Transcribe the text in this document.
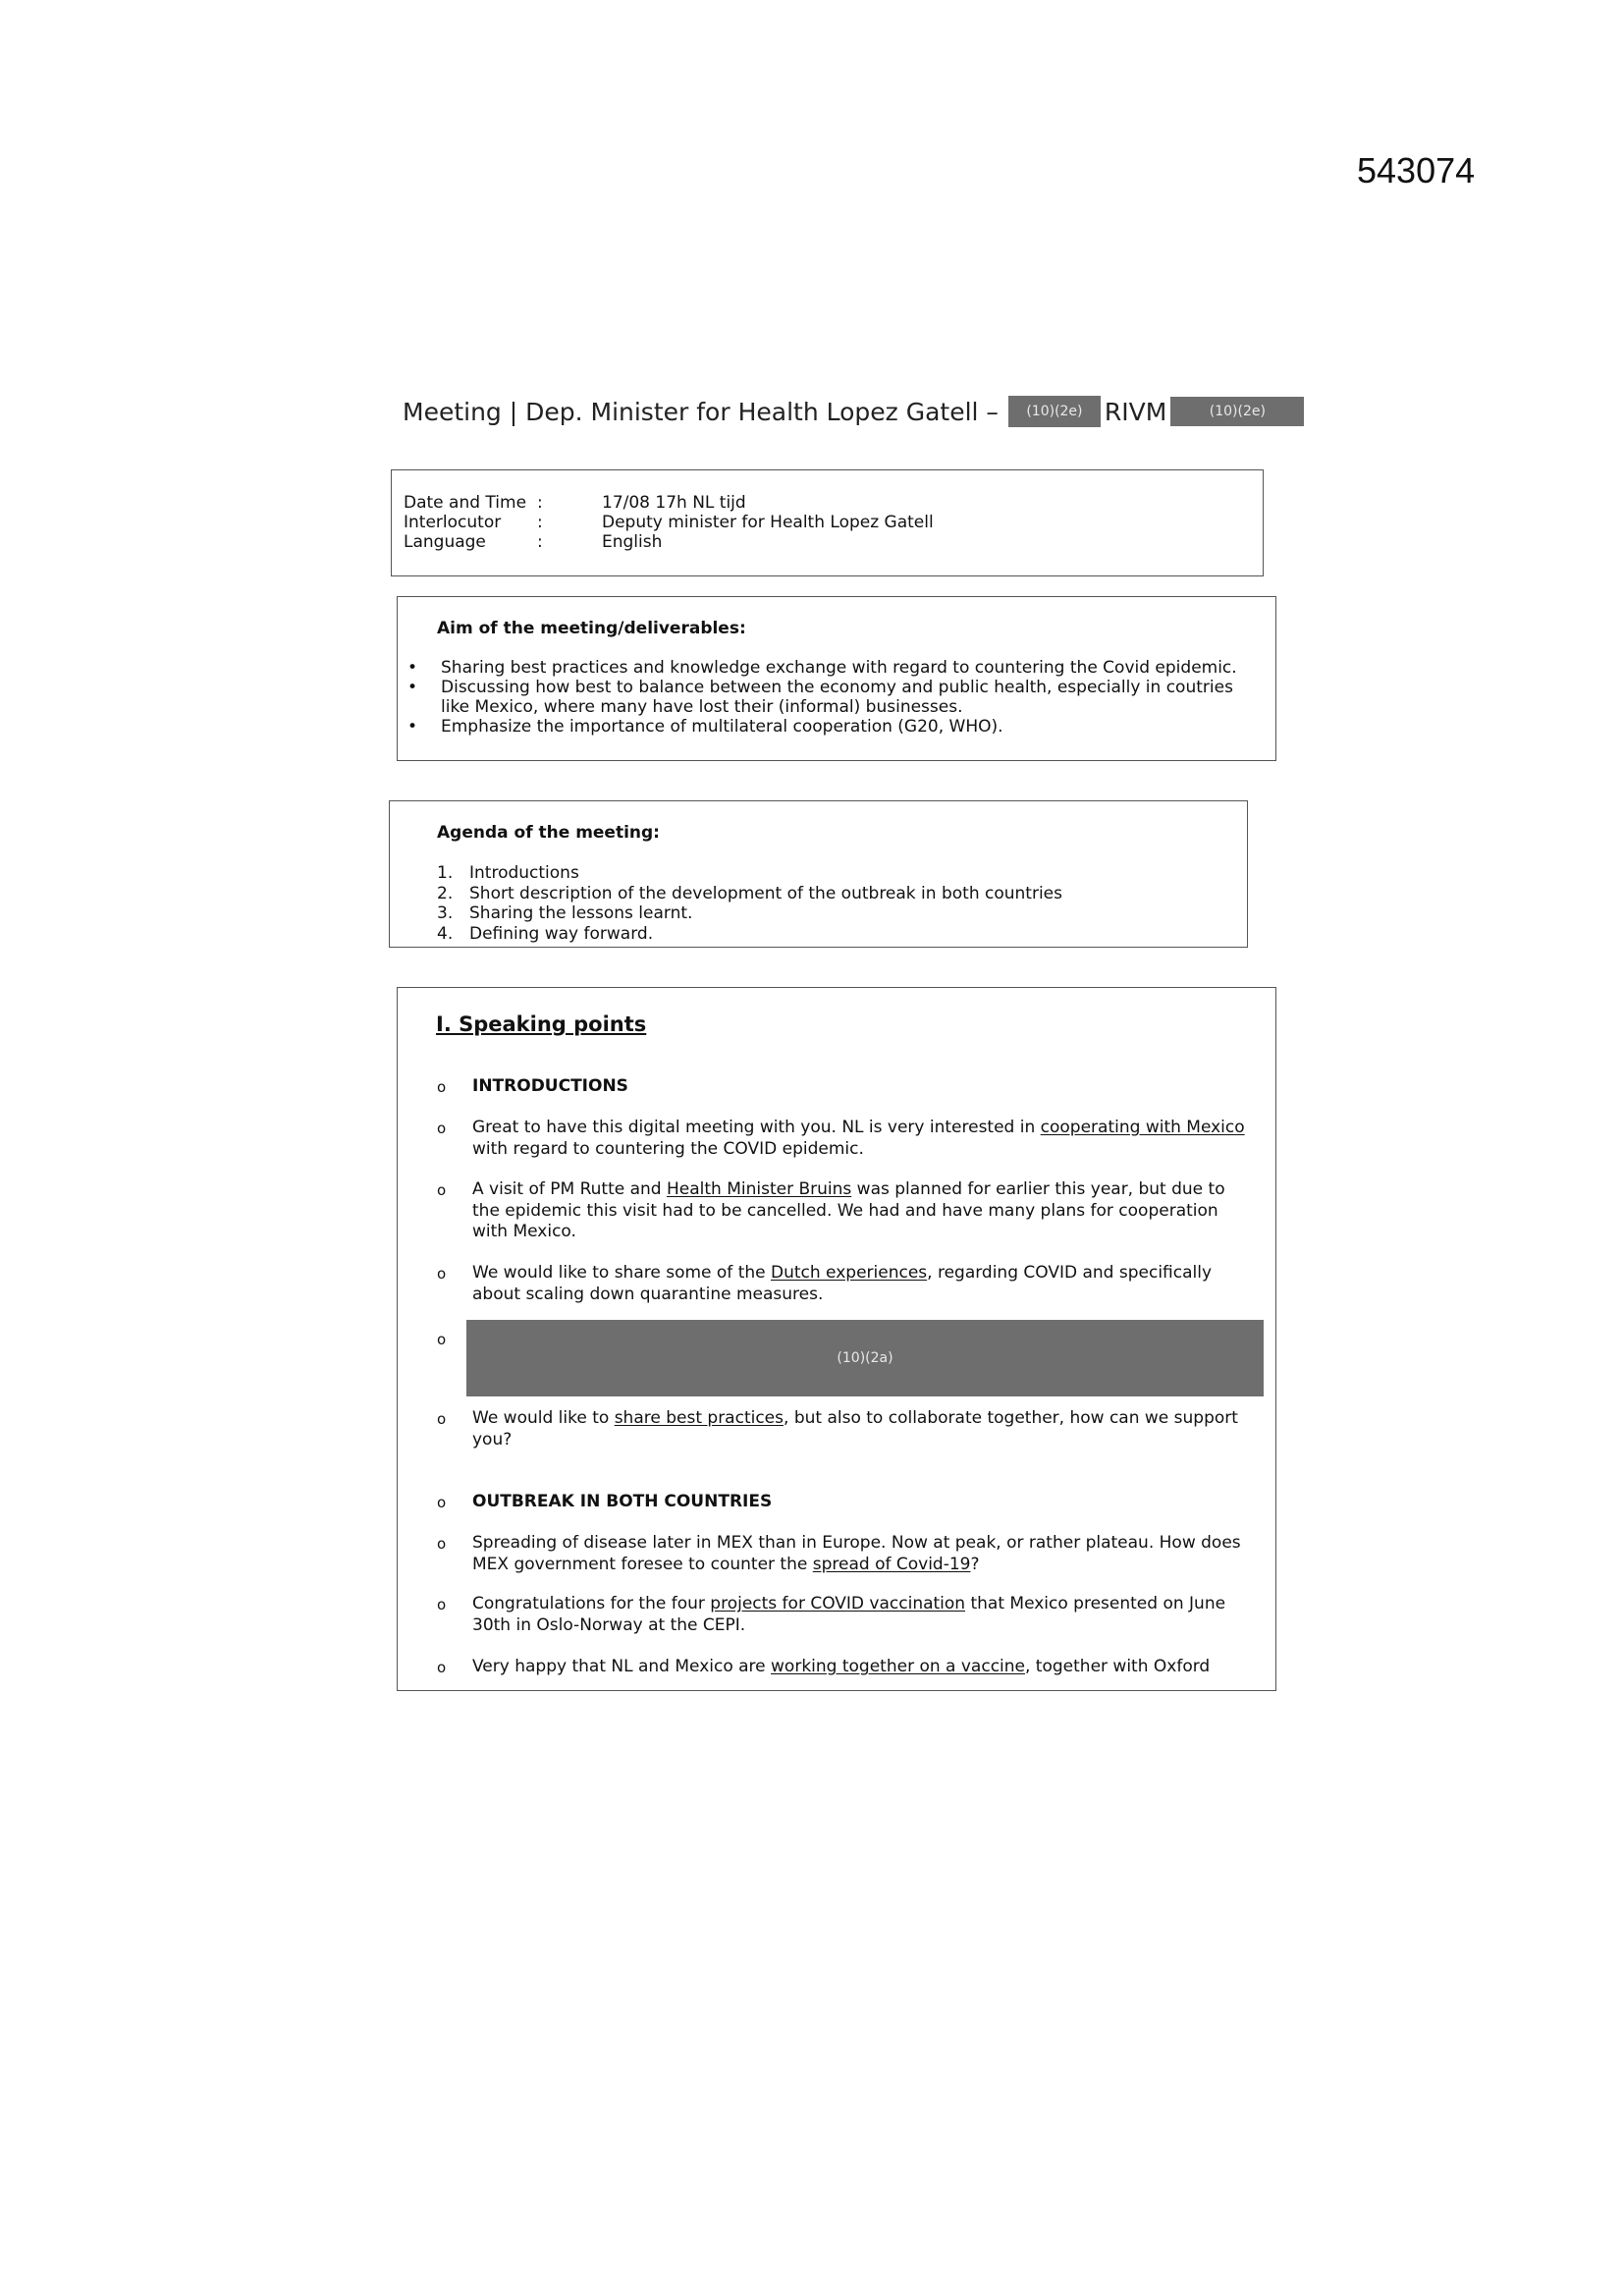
543074
Meeting | Dep. Minister for Health Lopez Gatell –	(10)(2e) RIVM	(10)(2e)
Date and Time :	17/08 17h NL tijd
Interlocutor	:	Deputy minister for Health Lopez Gatell
Language	:	English
Aim of the meeting/deliverables:
• Sharing best practices and knowledge exchange with regard to countering the Covid epidemic.
• Discussing how best to balance between the economy and public health, especially in coutries like Mexico, where many have lost their (informal) businesses.
• Emphasize the importance of multilateral cooperation (G20, WHO).
Agenda of the meeting:
1. Introductions
2. Short description of the development of the outbreak in both countries
3. Sharing the lessons learnt.
4. Defining way forward.
I. Speaking points
o INTRODUCTIONS
o Great to have this digital meeting with you. NL is very interested in cooperating with Mexico with regard to countering the COVID epidemic.
o A visit of PM Rutte and Health Minister Bruins was planned for earlier this year, but due to the epidemic this visit had to be cancelled. We had and have many plans for cooperation with Mexico.
o We would like to share some of the Dutch experiences, regarding COVID and specifically about scaling down quarantine measures.
o
(10)(2a)
o We would like to share best practices, but also to collaborate together, how can we support you?
o OUTBREAK IN BOTH COUNTRIES
o Spreading of disease later in MEX than in Europe. Now at peak, or rather plateau. How does MEX government foresee to counter the spread of Covid-19?
o Congratulations for the four projects for COVID vaccination that Mexico presented on June 30th in Oslo-Norway at the CEPI.
o Very happy that NL and Mexico are working together on a vaccine, together with Oxford
